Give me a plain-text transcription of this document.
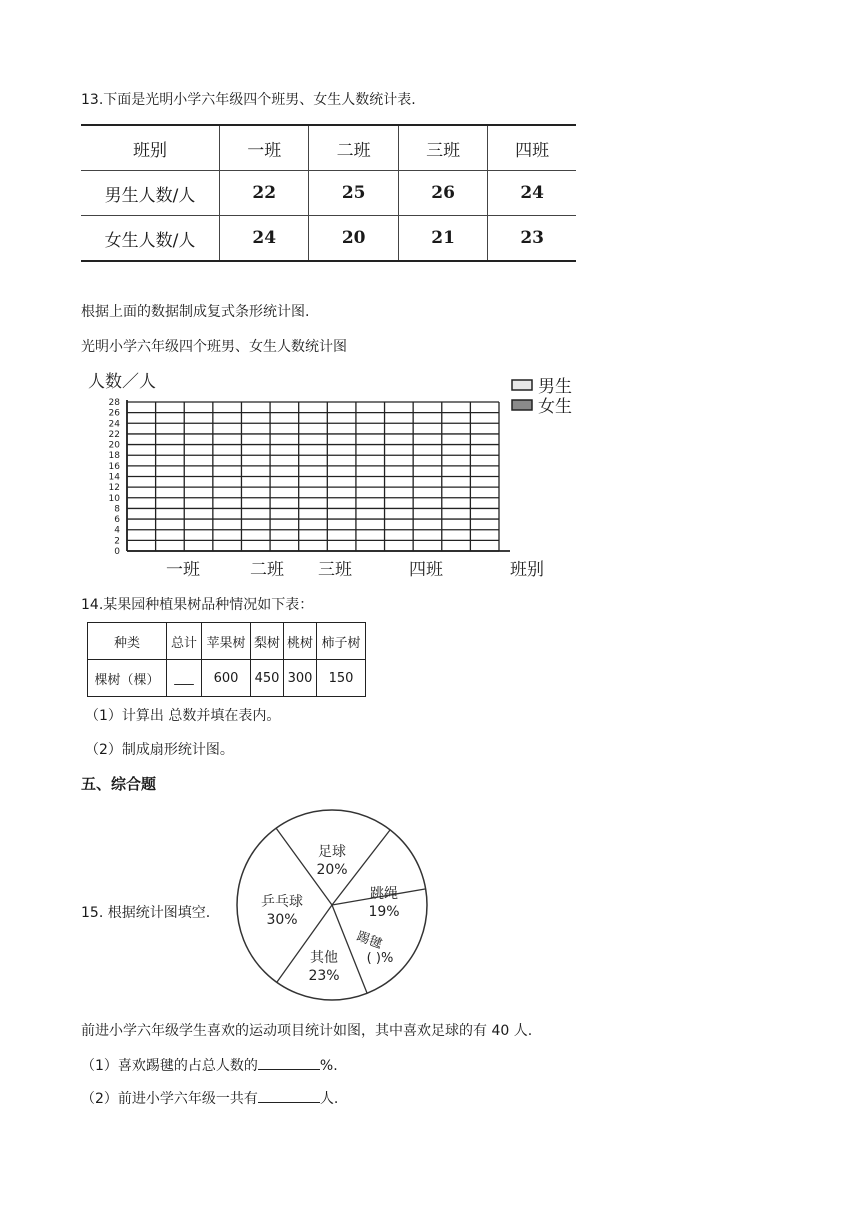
13.下面是光明小学六年级四个班男、女生人数统计表.
班别	一班	二班	三班	四班
男生人数/人	22	25	26	24
女生人数/人	24	20	21	23
根据上面的数据制成复式条形统计图.
光明小学六年级四个班男、女生人数统计图
人数／人
0
2
4
6
8
10
12
14
16
18
20
22
24
26
28
一班	二班 三班	四班	班别
男生
女生
14.某果园种植果树品种情况如下表：
种类	总计	苹果树	梨树	桃树	柿子树
棵树（棵）	___	600	450	300	150
（1）计算出 总数并填在表内。
（2）制成扇形统计图。
五、综合题
15. 根据统计图填空.
足球
20%
跳绳
19%
踢毽
( )%
其他
23%
乒乓球
30%
前进小学六年级学生喜欢的运动项目统计如图，其中喜欢足球的有 40 人.
（1）喜欢踢毽的占总人数的	%.
（2）前进小学六年级一共有	人.
